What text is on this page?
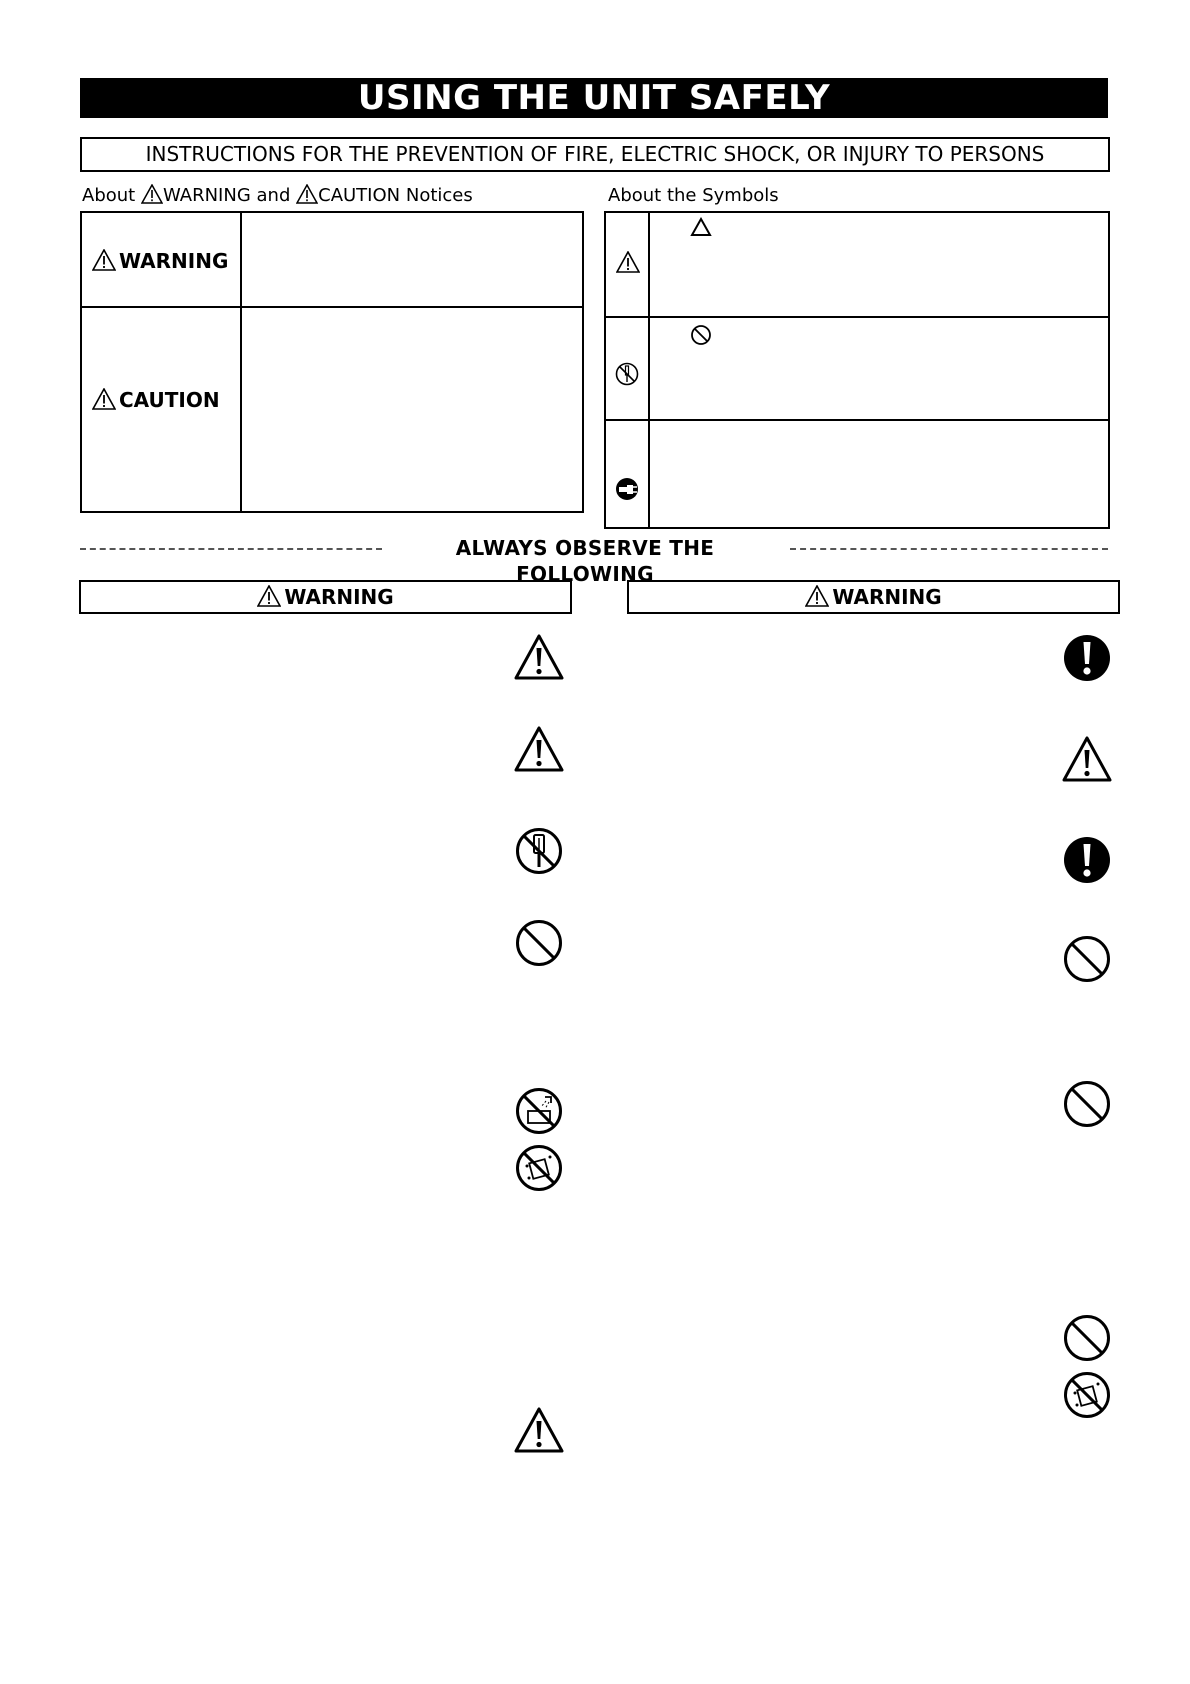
USING THE UNIT SAFELY
INSTRUCTIONS FOR THE PREVENTION OF FIRE, ELECTRIC SHOCK, OR INJURY TO PERSONS
About WARNING and CAUTION Notices	About the Symbols
WARNING
CAUTION
ALWAYS OBSERVE THE FOLLOWING
WARNING	WARNING
